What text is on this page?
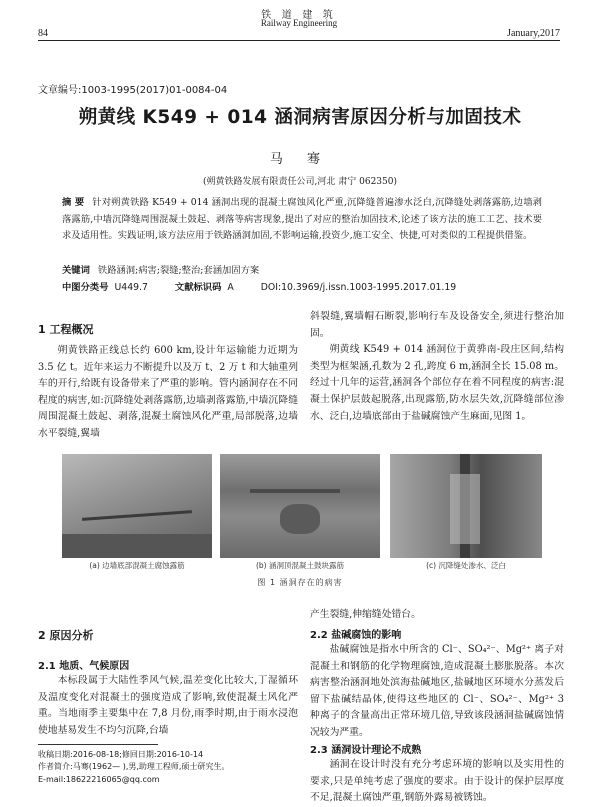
铁 道 建 筑
Railway Engineering
84	January,2017
文章编号:1003-1995(2017)01-0084-04
朔黄线 K549 + 014 涵洞病害原因分析与加固技术
马 骞
(朔黄铁路发展有限责任公司,河北 肃宁 062350)
摘 要 针对朔黄铁路 K549 + 014 涵洞出现的混凝土腐蚀风化严重,沉降缝普遍渗水泛白,沉降缝处剥落露筋,边墙剥落露筋,中墙沉降缝周围混凝土鼓起、剥落等病害现象,提出了对应的整治加固技术,论述了该方法的施工工艺、技术要求及适用性。实践证明,该方法应用于铁路涵洞加固,不影响运输,投资少,施工安全、快捷,可对类似的工程提供借鉴。
关键词 铁路涵洞;病害;裂缝;整治;套涵加固方案
中图分类号 U449.7	文献标识码 A	DOI:10.3969/j.issn.1003-1995.2017.01.19
1 工程概况

朔黄铁路正线总长约 600 km,设计年运输能力近期为 3.5 亿 t。近年来运力不断提升以及万 t、2 万 t 和大轴重列车的开行,给既有设备带来了严重的影响。管内涵洞存在不同程度的病害,如:沉降缝处剥落露筋,边墙剥落露筋,中墙沉降缝周围混凝土鼓起、剥落,混凝土腐蚀风化严重,局部脱落,边墙水平裂缝,翼墙

斜裂缝,翼墙帽石断裂,影响行车及设备安全,须进行整治加固。

朔黄线 K549 + 014 涵洞位于黄骅南-段庄区间,结构类型为框架涵,孔数为 2 孔,跨度 6 m,涵洞全长 15.08 m。经过十几年的运营,涵洞各个部位存在着不同程度的病害:混凝土保护层鼓起脱落,出现露筋,防水层失效,沉降缝部位渗水、泛白,边墙底部由于盐碱腐蚀产生麻面,见图 1。

(a) 边墙底部混凝土腐蚀露筋	(b) 涵洞顶混凝土鼓块露筋	(c) 沉降缝处渗水、泛白
图 1 涵洞存在的病害
2 原因分析
2.1 地质、气候原因

本标段属于大陆性季风气候,温差变化比较大,丁湿循环及温度变化对混凝土的强度造成了影响,致使混凝土风化严重。当地雨季主要集中在 7,8 月份,雨季时期,由于雨水浸泡使地基易发生不均匀沉降,台墙

产生裂缝,伸缩缝处错台。

2.2 盐碱腐蚀的影响

盐碱腐蚀是指水中所含的 Cl⁻、SO₄²⁻、Mg²⁺ 离子对混凝土和钢筋的化学物理腐蚀,造成混凝土膨胀脱落。本次病害整治涵洞地处滨海盐碱地区,盐碱地区环境水分蒸发后留下盐碱结晶体,使得这些地区的 Cl⁻、SO₄²⁻、Mg²⁺ 3 种离子的含量高出正常环境几倍,导致该段涵洞盐碱腐蚀情况较为严重。

2.3 涵洞设计理论不成熟

涵洞在设计时没有充分考虑环境的影响以及实用性的要求,只是单纯考虑了强度的要求。由于设计的保护层厚度不足,混凝土腐蚀严重,钢筋外露易被锈蚀。

收稿日期:2016-08-18;修回日期:2016-10-14
作者简介:马骞(1962— ),男,助理工程师,硕士研究生。
E-mail:18622216065@qq.com
